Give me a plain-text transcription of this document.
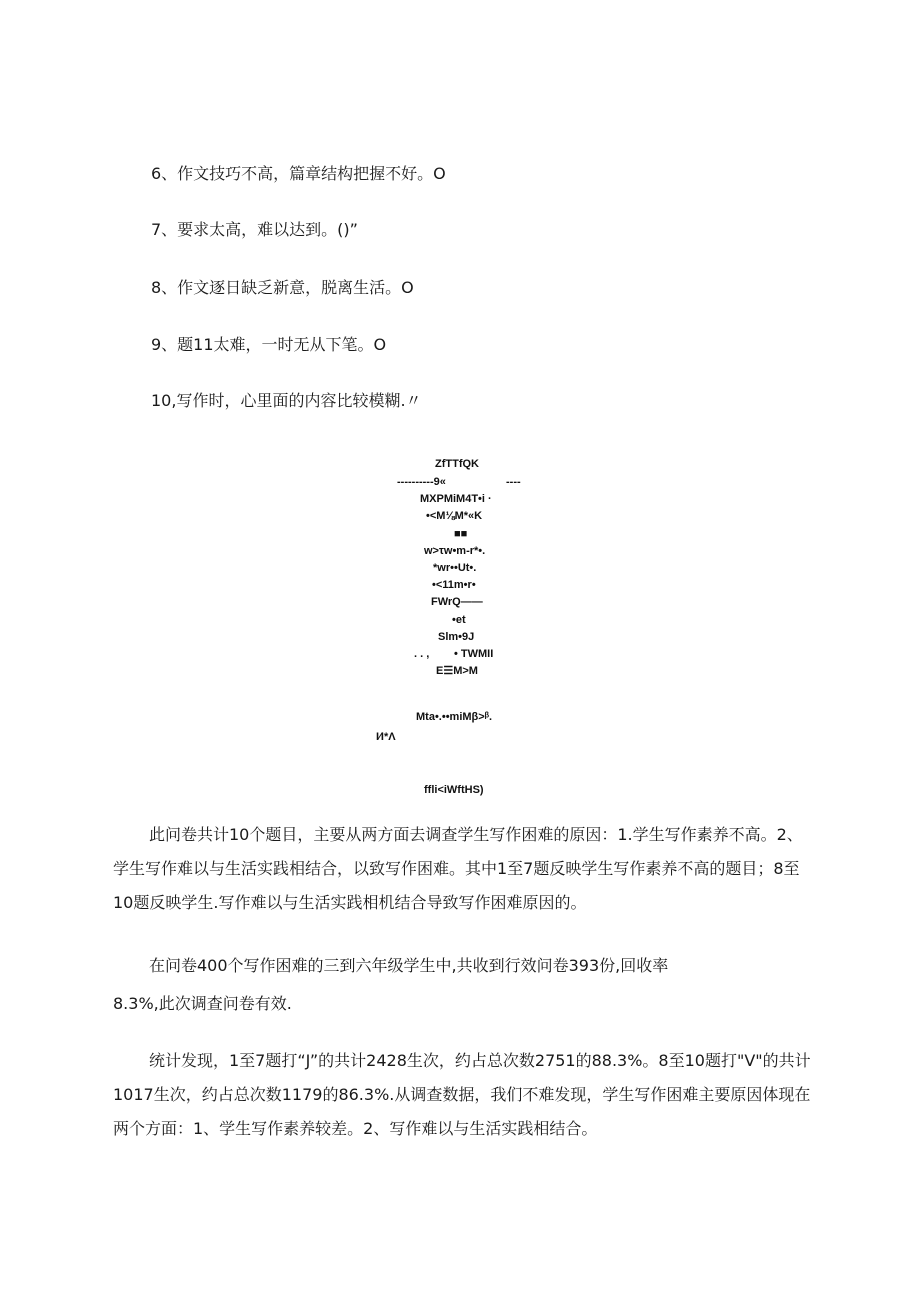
6、作文技巧不高，篇章结构把握不好。O
7、要求太高，难以达到。()”
8、作文逐日缺乏新意，脱离生活。O
9、题11太难，一时无从下笔。O
10,写作时，心里面的内容比较模糊.〃
ZfTTfQK
----------9«	----
MXPMiM4T•i ·
•<M⅛M*«K
■■
w>τw•m-r*•.
*wr••Ut•.
•<11m•r•
FWrQ——
•et
Slm•9J
. . , • TWMII
E☰M>M
Mta•.••miMβ>ᵝ.
I∕I*Λ
ffli<iWftHS)

此问卷共计10个题目，主要从两方面去调查学生写作困难的原因：1.学生写作素养不高。2、学生写作难以与生活实践相结合，以致写作困难。其中1至7题反映学生写作素养不高的题目；8至10题反映学生.写作难以与生活实践相机结合导致写作困难原因的。

在问卷400个写作困难的三到六年级学生中,共收到行效问卷393份,回收率
8.3%,此次调查问卷有效.

统计发现，1至7题打“J”的共计2428生次，约占总次数2751的88.3%。8至10题打"V"的共计1017生次，约占总次数1179的86.3%.从调查数据，我们不难发现，学生写作困难主要原因体现在两个方面：1、学生写作素养较差。2、写作难以与生活实践相结合。
